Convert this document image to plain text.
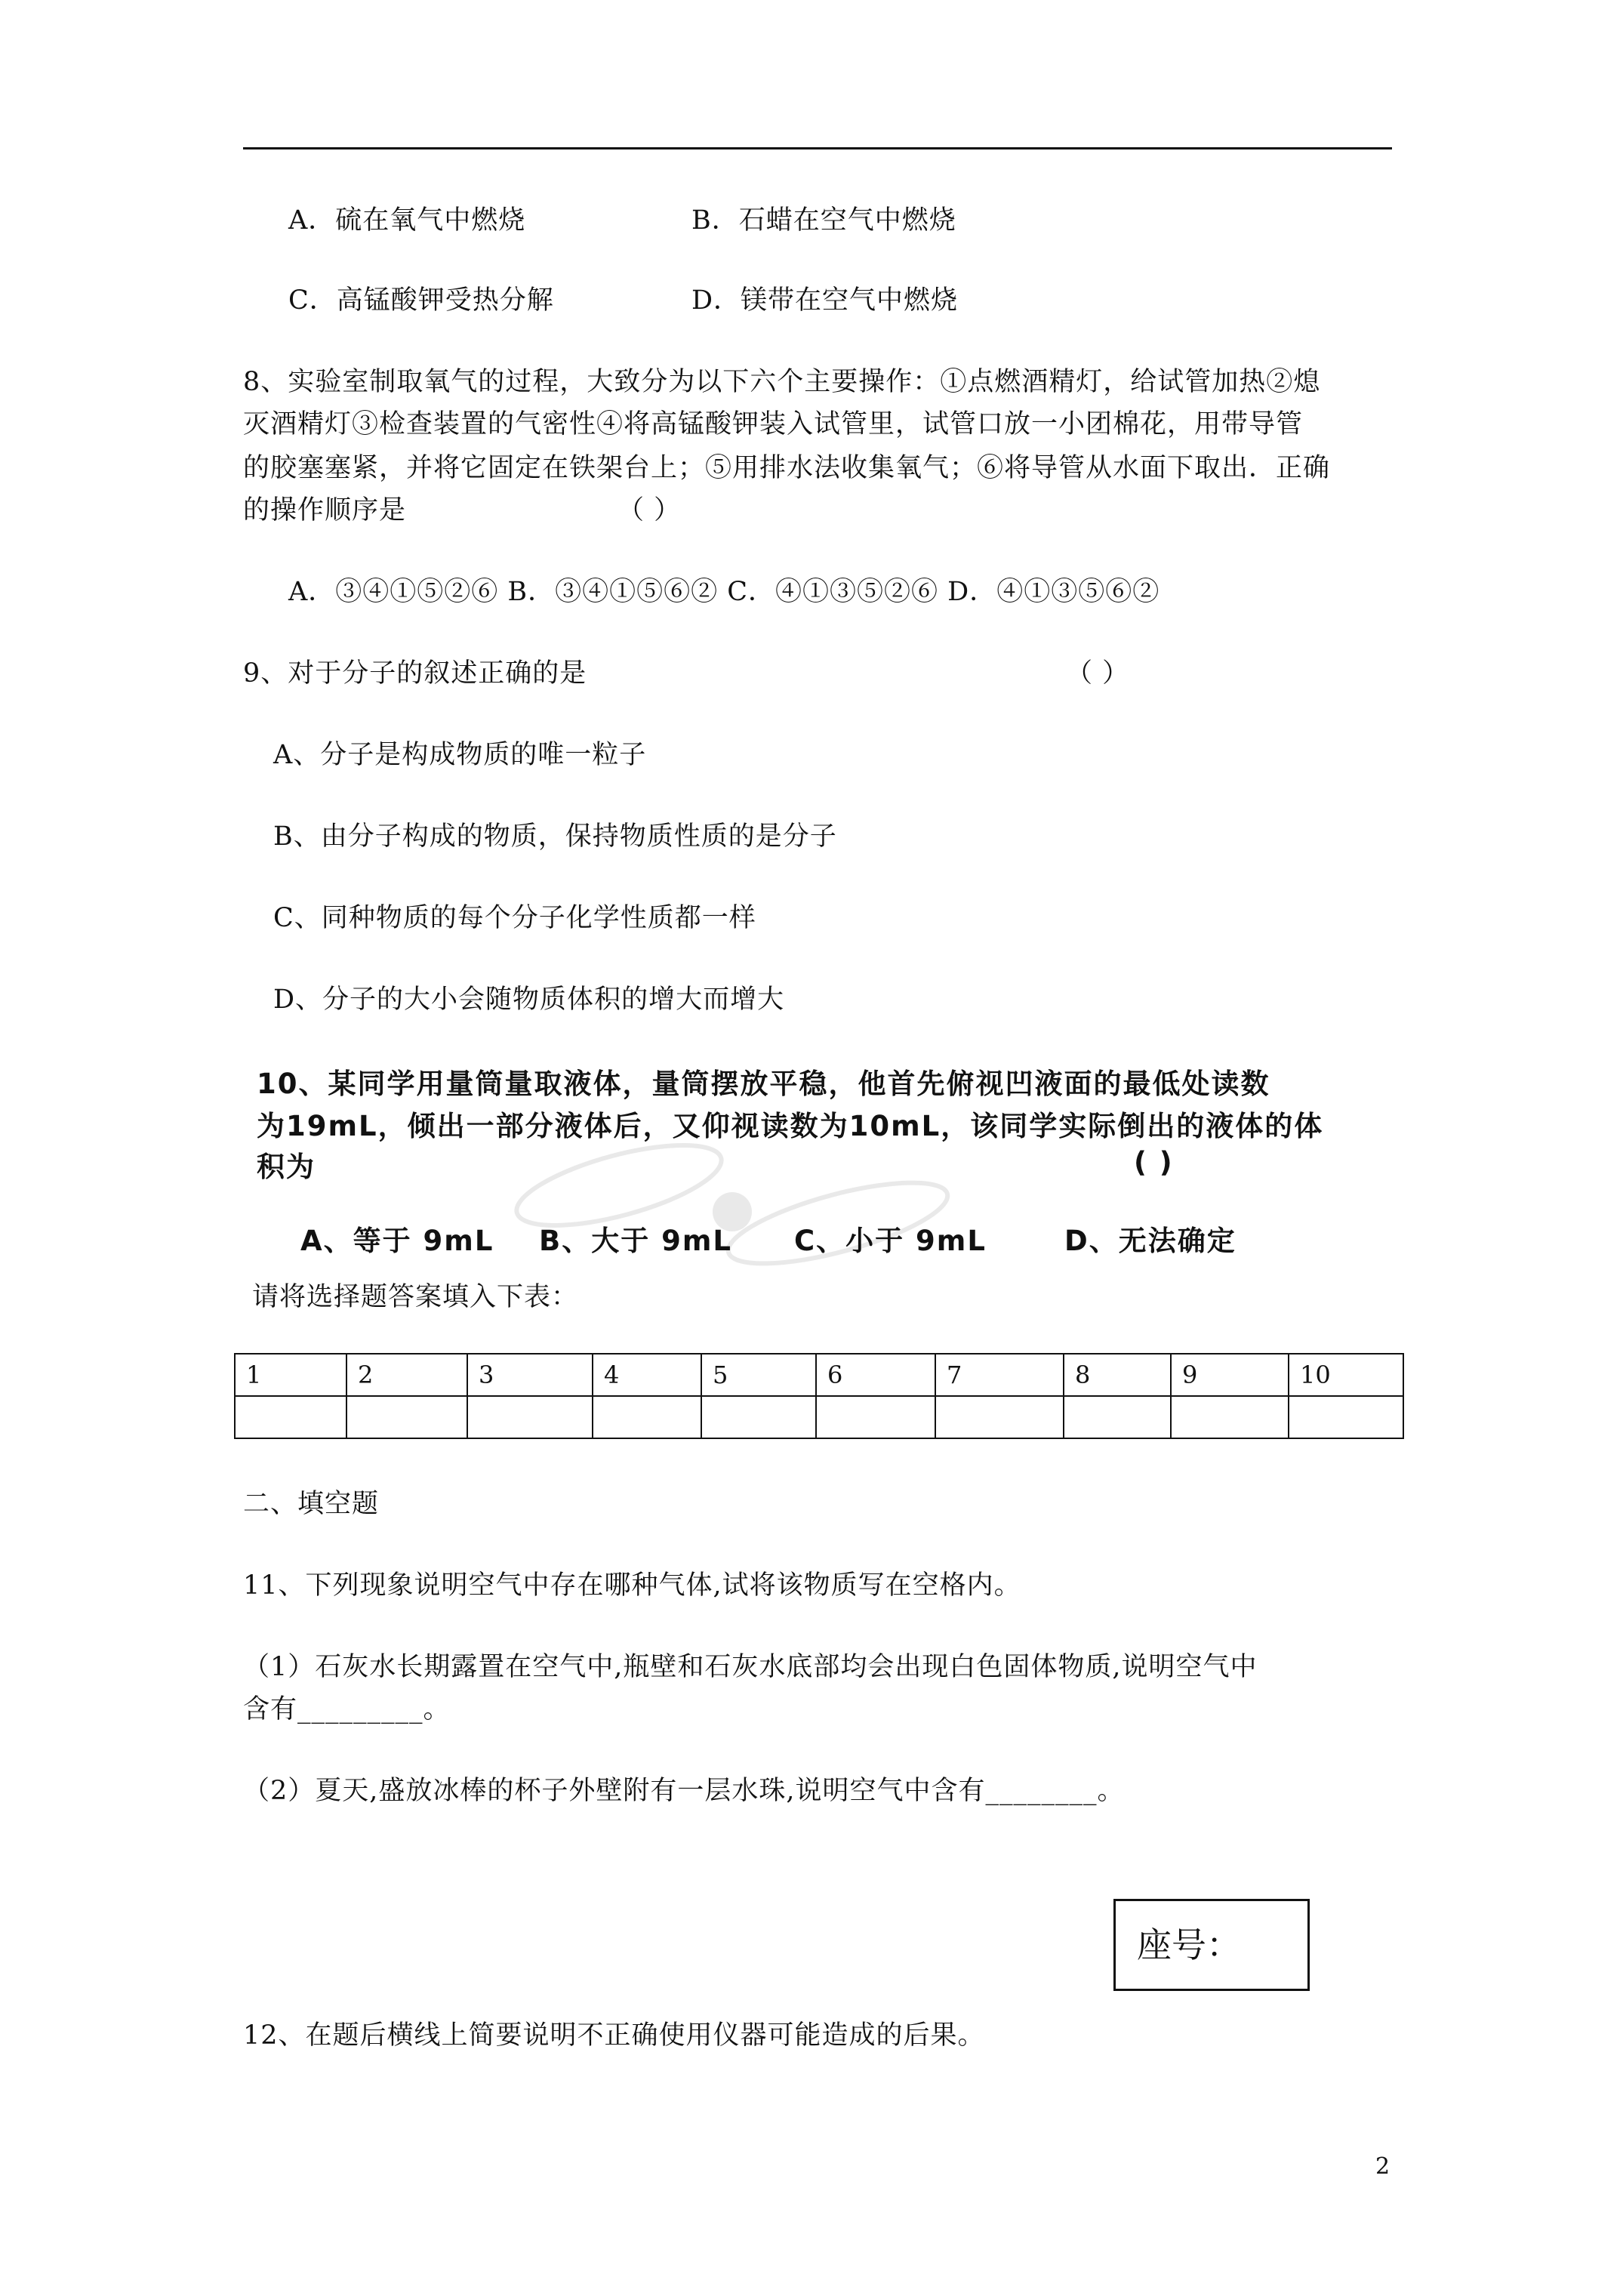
A．硫在氧气中燃烧	B．石蜡在空气中燃烧
C．高锰酸钾受热分解	D．镁带在空气中燃烧
8、实验室制取氧气的过程，大致分为以下六个主要操作：①点燃酒精灯，给试管加热②熄
灭酒精灯③检查装置的气密性④将高锰酸钾装入试管里，试管口放一小团棉花，用带导管
的胶塞塞紧，并将它固定在铁架台上；⑤用排水法收集氧气；⑥将导管从水面下取出．正确
的操作顺序是	（ ）
A．③④①⑤②⑥ B．③④①⑤⑥② C．④①③⑤②⑥ D．④①③⑤⑥②
9、对于分子的叙述正确的是	（ ）
A、分子是构成物质的唯一粒子
B、由分子构成的物质，保持物质性质的是分子
C、同种物质的每个分子化学性质都一样
D、分子的大小会随物质体积的增大而增大
10、某同学用量筒量取液体，量筒摆放平稳，他首先俯视凹液面的最低处读数
为19mL，倾出一部分液体后，又仰视读数为10mL，该同学实际倒出的液体的体
积为	( )
A、等于 9mL B、大于 9mL C、小于 9mL	D、无法确定
请将选择题答案填入下表：
1	2	3	4	5	6	7	8	9	10

二、填空题
11、下列现象说明空气中存在哪种气体,试将该物质写在空格内。
（1）石灰水长期露置在空气中,瓶壁和石灰水底部均会出现白色固体物质,说明空气中
含有_________。
（2）夏天,盛放冰棒的杯子外壁附有一层水珠,说明空气中含有________。
座号：
12、在题后横线上简要说明不正确使用仪器可能造成的后果。
2
